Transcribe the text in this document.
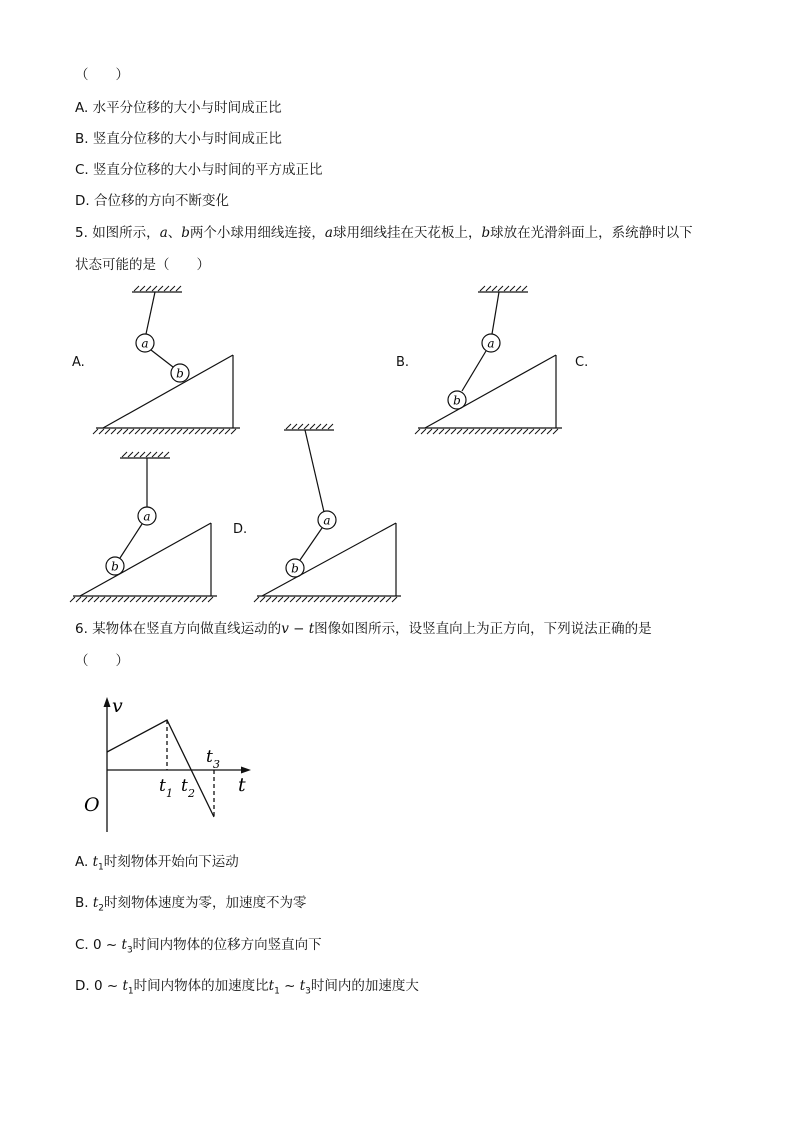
（　　）
A. 水平分位移的大小与时间成正比
B. 竖直分位移的大小与时间成正比
C. 竖直分位移的大小与时间的平方成正比
D. 合位移的方向不断变化
5. 如图所示，a、b两个小球用细线连接，a球用细线挂在天花板上，b球放在光滑斜面上，系统静时以下
状态可能的是（　　）
A.	B.	C.
D.
a
b
a
b
a
b
a
b
6. 某物体在竖直方向做直线运动的v − t图像如图所示，设竖直向上为正方向，下列说法正确的是
（　　）
v
t
O
t 1 t 2
t 3
A. $t_1$时刻物体开始向下运动
B. $t_2$时刻物体速度为零，加速度不为零
C. 0 ~ $t_3$时间内物体的位移方向竖直向下
D. 0 ~ $t_1$时间内物体的加速度比$t_1$ ~ $t_3$时间内的加速度大
